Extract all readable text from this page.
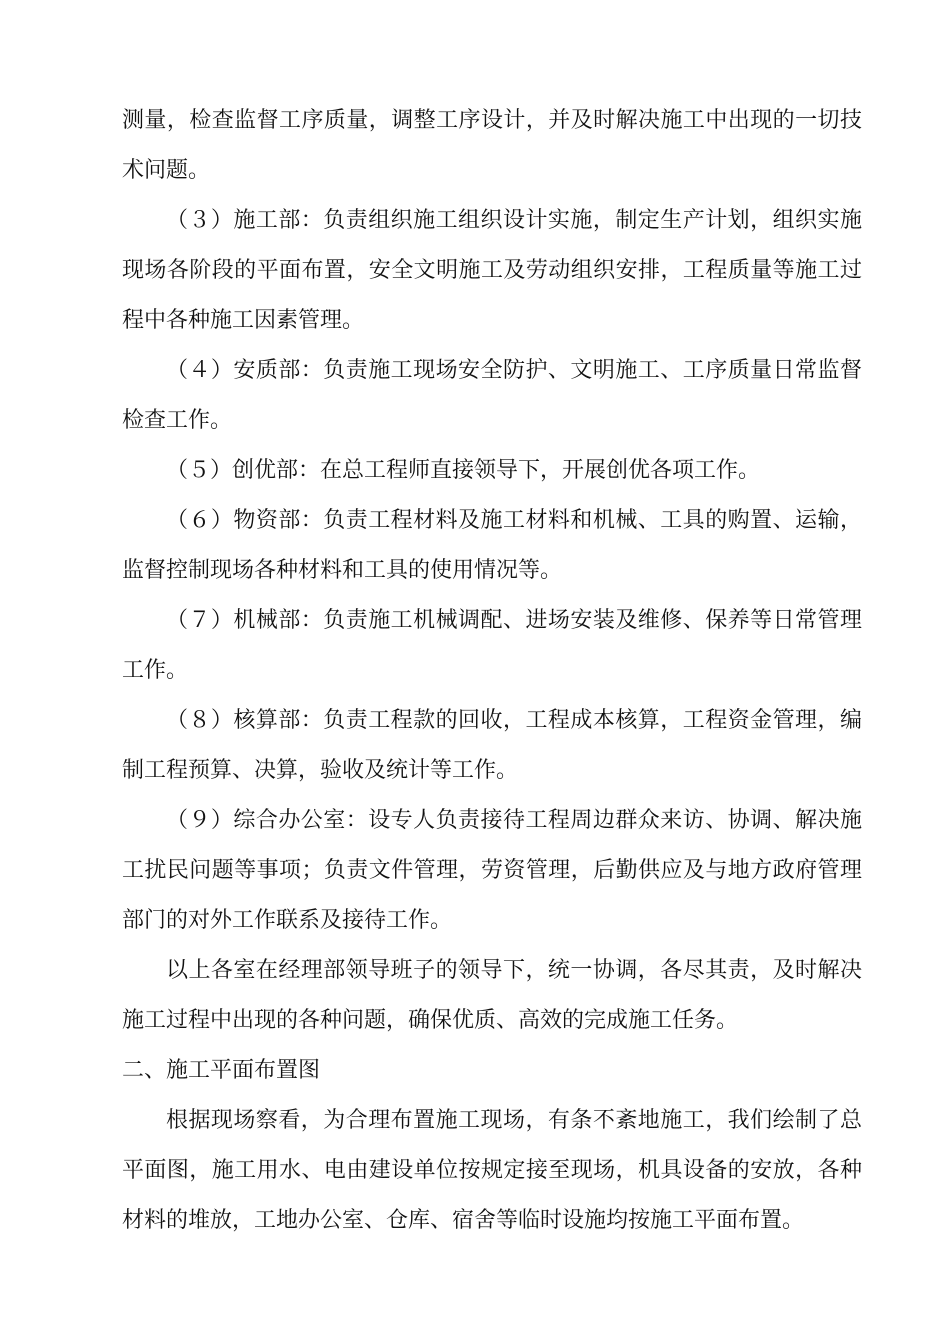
测量，检查监督工序质量，调整工序设计，并及时解决施工中出现的一切技术问题。

（３）施工部：负责组织施工组织设计实施，制定生产计划，组织实施现场各阶段的平面布置，安全文明施工及劳动组织安排，工程质量等施工过程中各种施工因素管理。

（４）安质部：负责施工现场安全防护、文明施工、工序质量日常监督检查工作。

（５）创优部：在总工程师直接领导下，开展创优各项工作。

（６）物资部：负责工程材料及施工材料和机械、工具的购置、运输，监督控制现场各种材料和工具的使用情况等。

（７）机械部：负责施工机械调配、进场安装及维修、保养等日常管理工作。

（８）核算部：负责工程款的回收，工程成本核算，工程资金管理，编制工程预算、决算，验收及统计等工作。

（９）综合办公室：设专人负责接待工程周边群众来访、协调、解决施工扰民问题等事项；负责文件管理，劳资管理，后勤供应及与地方政府管理部门的对外工作联系及接待工作。

以上各室在经理部领导班子的领导下，统一协调，各尽其责，及时解决施工过程中出现的各种问题，确保优质、高效的完成施工任务。

二、施工平面布置图

根据现场察看，为合理布置施工现场，有条不紊地施工，我们绘制了总平面图，施工用水、电由建设单位按规定接至现场，机具设备的安放，各种材料的堆放，工地办公室、仓库、宿舍等临时设施均按施工平面布置。
